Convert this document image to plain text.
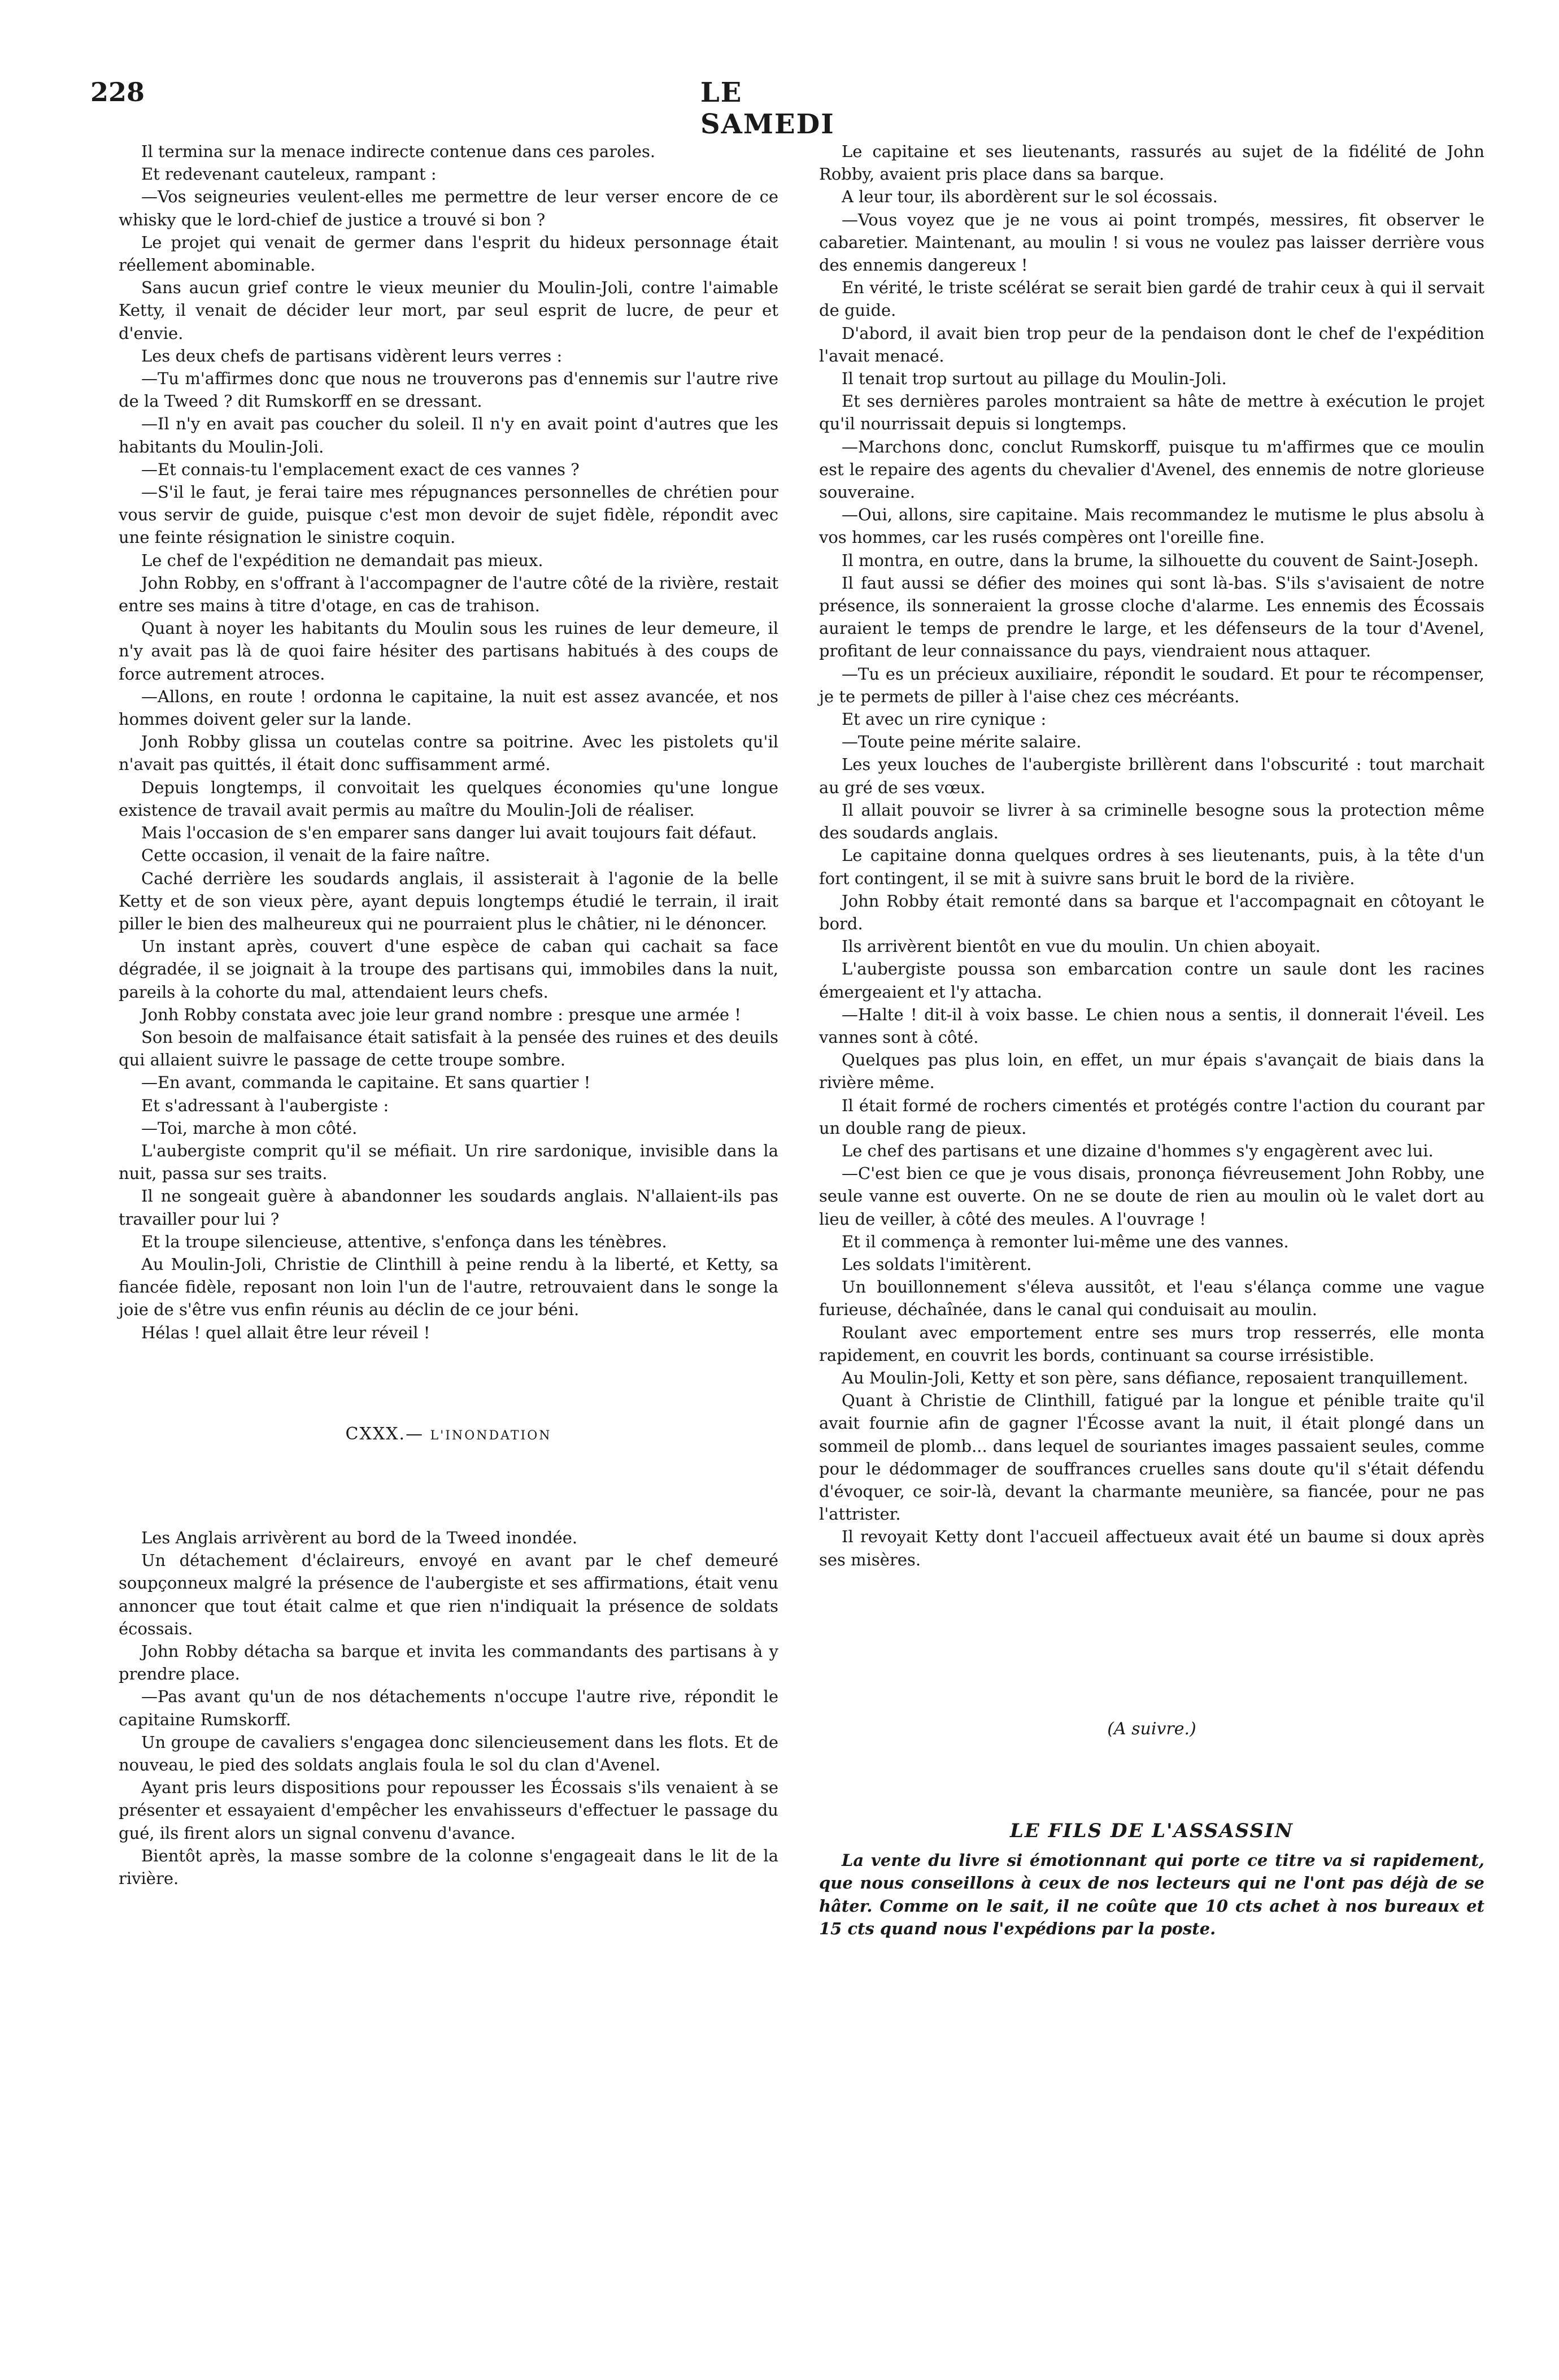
228	LE SAMEDI

Il termina sur la menace indirecte contenue dans ces paroles.

Et redevenant cauteleux, rampant :

—Vos seigneuries veulent-elles me permettre de leur verser encore de ce whisky que le lord-chief de justice a trouvé si bon ?

Le projet qui venait de germer dans l'esprit du hideux personnage était réellement abominable.

Sans aucun grief contre le vieux meunier du Moulin-Joli, contre l'aimable Ketty, il venait de décider leur mort, par seul esprit de lucre, de peur et d'envie.

Les deux chefs de partisans vidèrent leurs verres :

—Tu m'affirmes donc que nous ne trouverons pas d'ennemis sur l'autre rive de la Tweed ? dit Rumskorff en se dressant.

—Il n'y en avait pas coucher du soleil. Il n'y en avait point d'autres que les habitants du Moulin-Joli.

—Et connais-tu l'emplacement exact de ces vannes ?

—S'il le faut, je ferai taire mes répugnances personnelles de chrétien pour vous servir de guide, puisque c'est mon devoir de sujet fidèle, répondit avec une feinte résignation le sinistre coquin.

Le chef de l'expédition ne demandait pas mieux.

John Robby, en s'offrant à l'accompagner de l'autre côté de la rivière, restait entre ses mains à titre d'otage, en cas de trahison.

Quant à noyer les habitants du Moulin sous les ruines de leur demeure, il n'y avait pas là de quoi faire hésiter des partisans habitués à des coups de force autrement atroces.

—Allons, en route ! ordonna le capitaine, la nuit est assez avancée, et nos hommes doivent geler sur la lande.

Jonh Robby glissa un coutelas contre sa poitrine. Avec les pistolets qu'il n'avait pas quittés, il était donc suffisamment armé.

Depuis longtemps, il convoitait les quelques économies qu'une longue existence de travail avait permis au maître du Moulin-Joli de réaliser.

Mais l'occasion de s'en emparer sans danger lui avait toujours fait défaut.

Cette occasion, il venait de la faire naître.

Caché derrière les soudards anglais, il assisterait à l'agonie de la belle Ketty et de son vieux père, ayant depuis longtemps étudié le terrain, il irait piller le bien des malheureux qui ne pourraient plus le châtier, ni le dénoncer.

Un instant après, couvert d'une espèce de caban qui cachait sa face dégradée, il se joignait à la troupe des partisans qui, immobiles dans la nuit, pareils à la cohorte du mal, attendaient leurs chefs.

Jonh Robby constata avec joie leur grand nombre : presque une armée !

Son besoin de malfaisance était satisfait à la pensée des ruines et des deuils qui allaient suivre le passage de cette troupe sombre.

—En avant, commanda le capitaine. Et sans quartier !

Et s'adressant à l'aubergiste :

—Toi, marche à mon côté.

L'aubergiste comprit qu'il se méfiait. Un rire sardonique, invisible dans la nuit, passa sur ses traits.

Il ne songeait guère à abandonner les soudards anglais. N'allaient-ils pas travailler pour lui ?

Et la troupe silencieuse, attentive, s'enfonça dans les ténèbres.

Au Moulin-Joli, Christie de Clinthill à peine rendu à la liberté, et Ketty, sa fiancée fidèle, reposant non loin l'un de l'autre, retrouvaient dans le songe la joie de s'être vus enfin réunis au déclin de ce jour béni.

Hélas ! quel allait être leur réveil !

CXXX.— L'INONDATION

Les Anglais arrivèrent au bord de la Tweed inondée.

Un détachement d'éclaireurs, envoyé en avant par le chef demeuré soupçonneux malgré la présence de l'aubergiste et ses affirmations, était venu annoncer que tout était calme et que rien n'indiquait la présence de soldats écossais.

John Robby détacha sa barque et invita les commandants des partisans à y prendre place.

—Pas avant qu'un de nos détachements n'occupe l'autre rive, répondit le capitaine Rumskorff.

Un groupe de cavaliers s'engagea donc silencieusement dans les flots. Et de nouveau, le pied des soldats anglais foula le sol du clan d'Avenel.

Ayant pris leurs dispositions pour repousser les Écossais s'ils venaient à se présenter et essayaient d'empêcher les envahisseurs d'effectuer le passage du gué, ils firent alors un signal convenu d'avance.

Bientôt après, la masse sombre de la colonne s'engageait dans le lit de la rivière.

Le capitaine et ses lieutenants, rassurés au sujet de la fidélité de John Robby, avaient pris place dans sa barque.

A leur tour, ils abordèrent sur le sol écossais.

—Vous voyez que je ne vous ai point trompés, messires, fit observer le cabaretier. Maintenant, au moulin ! si vous ne voulez pas laisser derrière vous des ennemis dangereux !

En vérité, le triste scélérat se serait bien gardé de trahir ceux à qui il servait de guide.

D'abord, il avait bien trop peur de la pendaison dont le chef de l'expédition l'avait menacé.

Il tenait trop surtout au pillage du Moulin-Joli.

Et ses dernières paroles montraient sa hâte de mettre à exécution le projet qu'il nourrissait depuis si longtemps.

—Marchons donc, conclut Rumskorff, puisque tu m'affirmes que ce moulin est le repaire des agents du chevalier d'Avenel, des ennemis de notre glorieuse souveraine.

—Oui, allons, sire capitaine. Mais recommandez le mutisme le plus absolu à vos hommes, car les rusés compères ont l'oreille fine.

Il montra, en outre, dans la brume, la silhouette du couvent de Saint-Joseph.

Il faut aussi se défier des moines qui sont là-bas. S'ils s'avisaient de notre présence, ils sonneraient la grosse cloche d'alarme. Les ennemis des Écossais auraient le temps de prendre le large, et les défenseurs de la tour d'Avenel, profitant de leur connaissance du pays, viendraient nous attaquer.

—Tu es un précieux auxiliaire, répondit le soudard. Et pour te récompenser, je te permets de piller à l'aise chez ces mécréants.

Et avec un rire cynique :

—Toute peine mérite salaire.

Les yeux louches de l'aubergiste brillèrent dans l'obscurité : tout marchait au gré de ses vœux.

Il allait pouvoir se livrer à sa criminelle besogne sous la protection même des soudards anglais.

Le capitaine donna quelques ordres à ses lieutenants, puis, à la tête d'un fort contingent, il se mit à suivre sans bruit le bord de la rivière.

John Robby était remonté dans sa barque et l'accompagnait en côtoyant le bord.

Ils arrivèrent bientôt en vue du moulin. Un chien aboyait.

L'aubergiste poussa son embarcation contre un saule dont les racines émergeaient et l'y attacha.

—Halte ! dit-il à voix basse. Le chien nous a sentis, il donnerait l'éveil. Les vannes sont à côté.

Quelques pas plus loin, en effet, un mur épais s'avançait de biais dans la rivière même.

Il était formé de rochers cimentés et protégés contre l'action du courant par un double rang de pieux.

Le chef des partisans et une dizaine d'hommes s'y engagèrent avec lui.

—C'est bien ce que je vous disais, prononça fiévreusement John Robby, une seule vanne est ouverte. On ne se doute de rien au moulin où le valet dort au lieu de veiller, à côté des meules. A l'ouvrage !

Et il commença à remonter lui-même une des vannes.

Les soldats l'imitèrent.

Un bouillonnement s'éleva aussitôt, et l'eau s'élança comme une vague furieuse, déchaînée, dans le canal qui conduisait au moulin.

Roulant avec emportement entre ses murs trop resserrés, elle monta rapidement, en couvrit les bords, continuant sa course irrésistible.

Au Moulin-Joli, Ketty et son père, sans défiance, reposaient tranquillement.

Quant à Christie de Clinthill, fatigué par la longue et pénible traite qu'il avait fournie afin de gagner l'Écosse avant la nuit, il était plongé dans un sommeil de plomb... dans lequel de souriantes images passaient seules, comme pour le dédommager de souffrances cruelles sans doute qu'il s'était défendu d'évoquer, ce soir-là, devant la charmante meunière, sa fiancée, pour ne pas l'attrister.

Il revoyait Ketty dont l'accueil affectueux avait été un baume si doux après ses misères.

(A suivre.)

LE FILS DE L'ASSASSIN

La vente du livre si émotionnant qui porte ce titre va si rapidement, que nous conseillons à ceux de nos lecteurs qui ne l'ont pas déjà de se hâter. Comme on le sait, il ne coûte que 10 cts achet à nos bureaux et 15 cts quand nous l'expédions par la poste.
